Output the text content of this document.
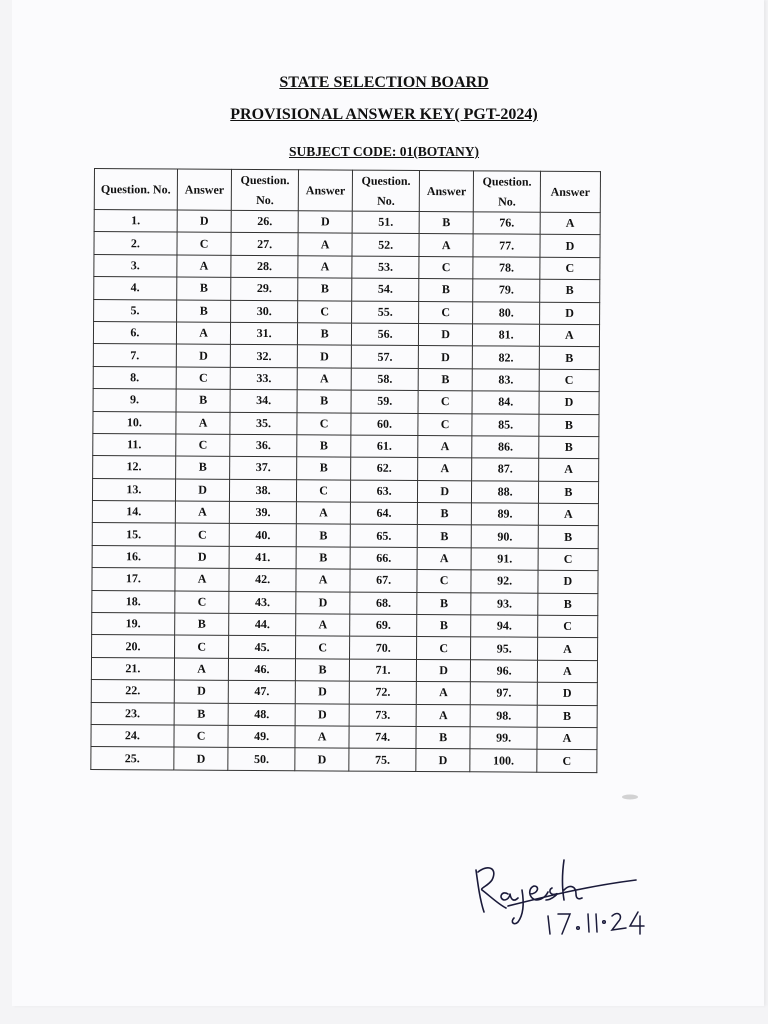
STATE SELECTION BOARD
PROVISIONAL ANSWER KEY( PGT-2024)
SUBJECT CODE: 01(BOTANY)
Question. No.	Answer	Question. No.	Answer	Question. No.	Answer	Question. No.	Answer
1.	D	26.	D	51.	B	76.	A
2.	C	27.	A	52.	A	77.	D
3.	A	28.	A	53.	C	78.	C
4.	B	29.	B	54.	B	79.	B
5.	B	30.	C	55.	C	80.	D
6.	A	31.	B	56.	D	81.	A
7.	D	32.	D	57.	D	82.	B
8.	C	33.	A	58.	B	83.	C
9.	B	34.	B	59.	C	84.	D
10.	A	35.	C	60.	C	85.	B
11.	C	36.	B	61.	A	86.	B
12.	B	37.	B	62.	A	87.	A
13.	D	38.	C	63.	D	88.	B
14.	A	39.	A	64.	B	89.	A
15.	C	40.	B	65.	B	90.	B
16.	D	41.	B	66.	A	91.	C
17.	A	42.	A	67.	C	92.	D
18.	C	43.	D	68.	B	93.	B
19.	B	44.	A	69.	B	94.	C
20.	C	45.	C	70.	C	95.	A
21.	A	46.	B	71.	D	96.	A
22.	D	47.	D	72.	A	97.	D
23.	B	48.	D	73.	A	98.	B
24.	C	49.	A	74.	B	99.	A
25.	D	50.	D	75.	D	100.	C
